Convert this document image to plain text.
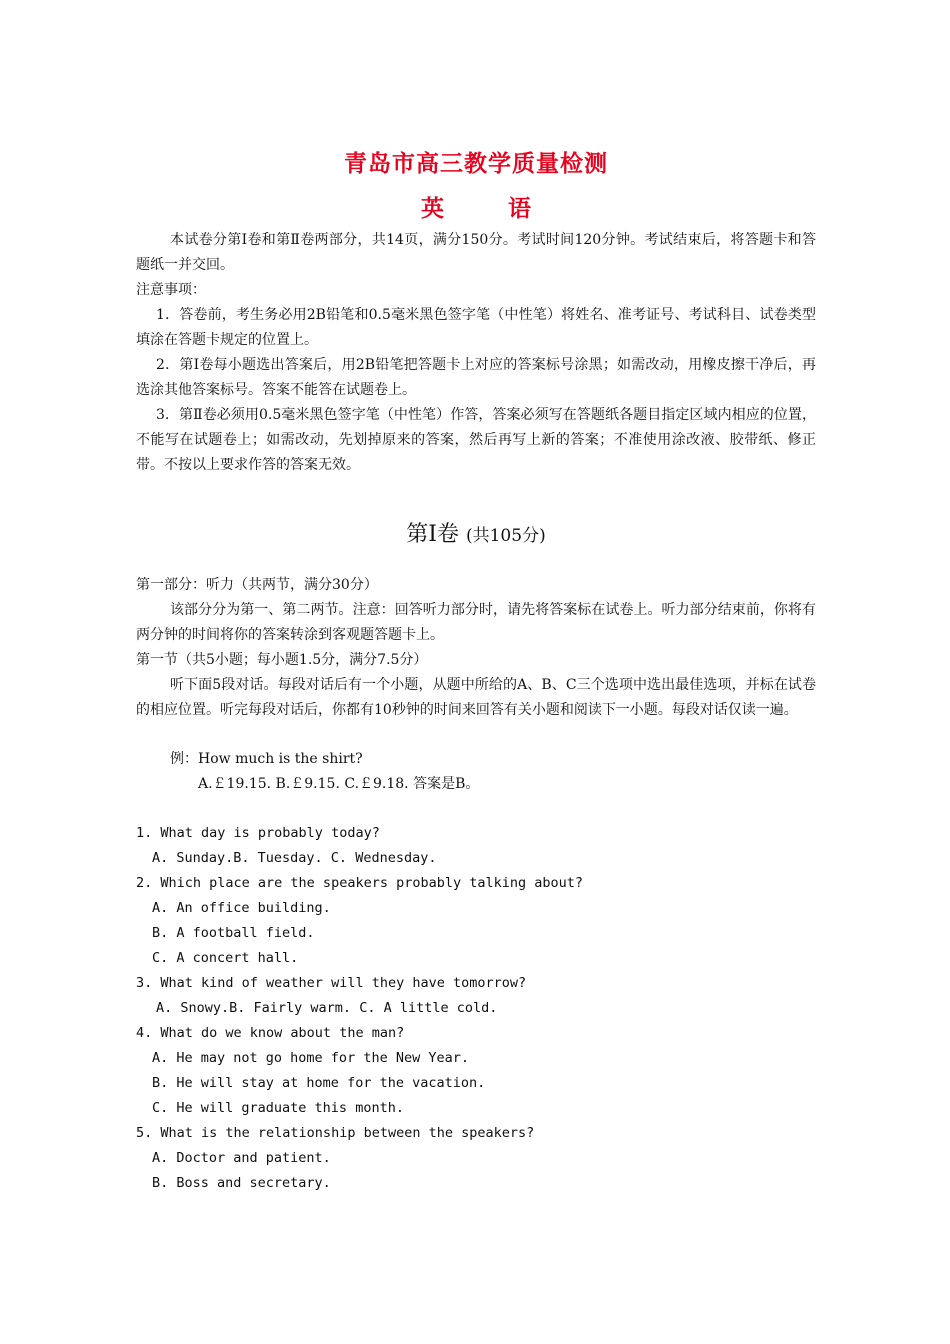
青岛市高三教学质量检测
英	语

本试卷分第Ⅰ卷和第Ⅱ卷两部分，共14页，满分150分。考试时间120分钟。考试结束后，将答题卡和答题纸一并交回。

注意事项：

1．答卷前，考生务必用2B铅笔和0.5毫米黑色签字笔（中性笔）将姓名、准考证号、考试科目、试卷类型填涂在答题卡规定的位置上。

2．第Ⅰ卷每小题选出答案后，用2B铅笔把答题卡上对应的答案标号涂黑；如需改动，用橡皮擦干净后，再选涂其他答案标号。答案不能答在试题卷上。

3．第Ⅱ卷必须用0.5毫米黑色签字笔（中性笔）作答，答案必须写在答题纸各题目指定区域内相应的位置，不能写在试题卷上；如需改动，先划掉原来的答案，然后再写上新的答案；不准使用涂改液、胶带纸、修正带。不按以上要求作答的答案无效。

第Ⅰ卷 (共105分)

第一部分：听力（共两节，满分30分）

该部分分为第一、第二两节。注意：回答听力部分时，请先将答案标在试卷上。听力部分结束前，你将有两分钟的时间将你的答案转涂到客观题答题卡上。

第一节（共5小题；每小题1.5分，满分7.5分）

听下面5段对话。每段对话后有一个小题，从题中所给的A、B、C三个选项中选出最佳选项，并标在试卷的相应位置。听完每段对话后，你都有10秒钟的时间来回答有关小题和阅读下一小题。每段对话仅读一遍。

例：How much is the shirt?

A.￡19.15. B.￡9.15. C.￡9.18. 答案是B。

1. What day is probably today?

A. Sunday.B. Tuesday. C. Wednesday.

2. Which place are the speakers probably talking about?

A. An office building.

B. A football field.

C. A concert hall.

3. What kind of weather will they have tomorrow?

A. Snowy.B. Fairly warm. C. A little cold.

4. What do we know about the man?

A. He may not go home for the New Year.

B. He will stay at home for the vacation.

C. He will graduate this month.

5. What is the relationship between the speakers?

A. Doctor and patient.

B. Boss and secretary.
